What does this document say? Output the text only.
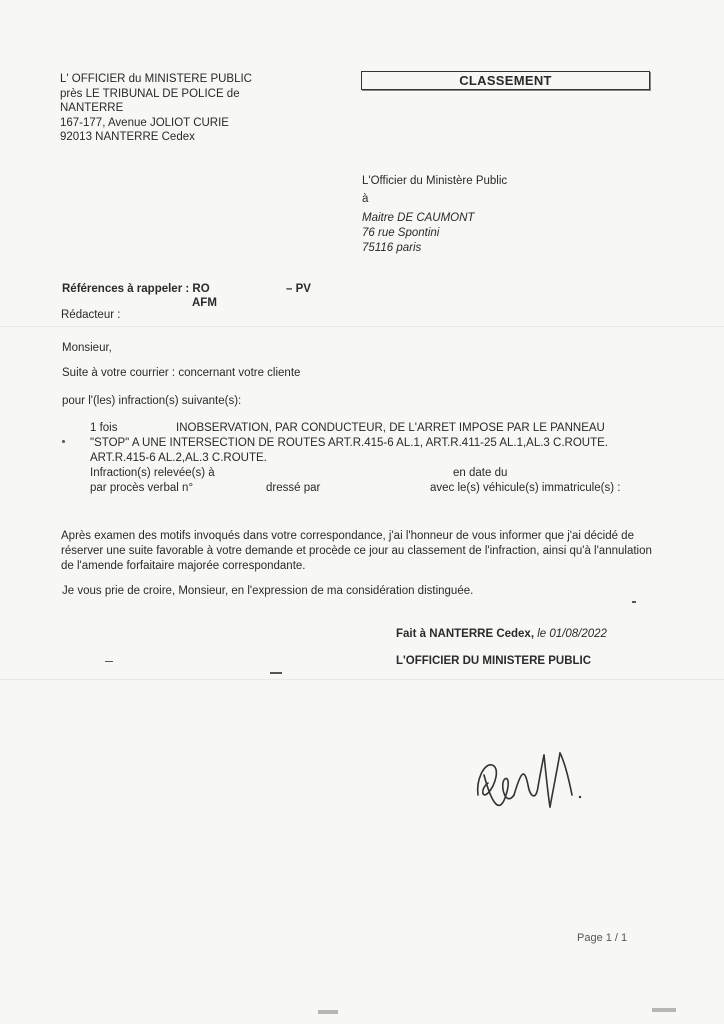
L' OFFICIER du MINISTERE PUBLIC
près LE TRIBUNAL DE POLICE de
NANTERRE
167-177, Avenue JOLIOT CURIE
92013 NANTERRE Cedex
CLASSEMENT
L'Officier du Ministère Public
à
Maitre DE CAUMONT
76 rue Spontini
75116 paris
Références à rappeler : RO	– PV
AFM
Rédacteur :
Monsieur,
Suite à votre courrier : concernant votre cliente
pour l'(les) infraction(s) suivante(s):
1 fois	INOBSERVATION, PAR CONDUCTEUR, DE L'ARRET IMPOSE PAR LE PANNEAU
"STOP" A UNE INTERSECTION DE ROUTES ART.R.415-6 AL.1, ART.R.411-25 AL.1,AL.3 C.ROUTE.
ART.R.415-6 AL.2,AL.3 C.ROUTE.
Infraction(s) relevée(s) à	en date du
par procès verbal n°	dressé par	avec le(s) véhicule(s) immatricule(s) :
Après examen des motifs invoqués dans votre correspondance, j'ai l'honneur de vous informer que j'ai décidé de réserver une suite favorable à votre demande et procède ce jour au classement de l'infraction, ainsi qu'à l'annulation de l'amende forfaitaire majorée correspondante.
Je vous prie de croire, Monsieur, en l'expression de ma considération distinguée.
Fait à NANTERRE Cedex, le 01/08/2022
L'OFFICIER DU MINISTERE PUBLIC
Page 1 / 1
